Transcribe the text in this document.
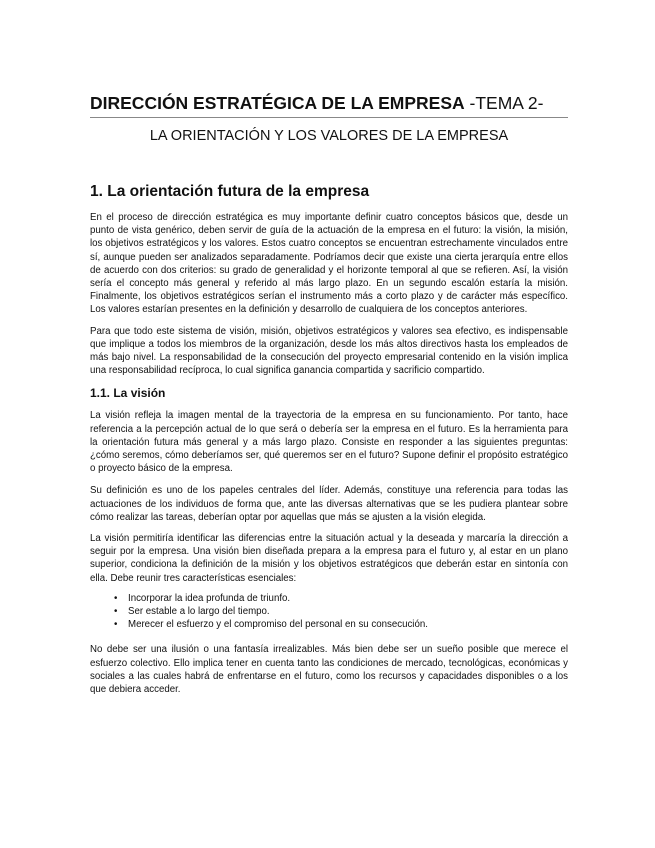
DIRECCIÓN ESTRATÉGICA DE LA EMPRESA -TEMA 2-
LA ORIENTACIÓN Y LOS VALORES DE LA EMPRESA
1. La orientación futura de la empresa

En el proceso de dirección estratégica es muy importante definir cuatro conceptos básicos que, desde un punto de vista genérico, deben servir de guía de la actuación de la empresa en el futuro: la visión, la misión, los objetivos estratégicos y los valores. Estos cuatro conceptos se encuentran estrechamente vinculados entre sí, aunque pueden ser analizados separadamente. Podríamos decir que existe una cierta jerarquía entre ellos de acuerdo con dos criterios: su grado de generalidad y el horizonte temporal al que se refieren. Así, la visión sería el concepto más general y referido al más largo plazo. En un segundo escalón estaría la misión. Finalmente, los objetivos estratégicos serían el instrumento más a corto plazo y de carácter más específico. Los valores estarían presentes en la definición y desarrollo de cualquiera de los conceptos anteriores.

Para que todo este sistema de visión, misión, objetivos estratégicos y valores sea efectivo, es indispensable que implique a todos los miembros de la organización, desde los más altos directivos hasta los empleados de más bajo nivel. La responsabilidad de la consecución del proyecto empresarial contenido en la visión implica una responsabilidad recíproca, lo cual significa ganancia compartida y sacrificio compartido.

1.1. La visión

La visión refleja la imagen mental de la trayectoria de la empresa en su funcionamiento. Por tanto, hace referencia a la percepción actual de lo que será o debería ser la empresa en el futuro. Es la herramienta para la orientación futura más general y a más largo plazo. Consiste en responder a las siguientes preguntas: ¿cómo seremos, cómo deberíamos ser, qué queremos ser en el futuro? Supone definir el propósito estratégico o proyecto básico de la empresa.

Su definición es uno de los papeles centrales del líder. Además, constituye una referencia para todas las actuaciones de los individuos de forma que, ante las diversas alternativas que se les pudiera plantear sobre cómo realizar las tareas, deberían optar por aquellas que más se ajusten a la visión elegida.

La visión permitiría identificar las diferencias entre la situación actual y la deseada y marcaría la dirección a seguir por la empresa. Una visión bien diseñada prepara a la empresa para el futuro y, al estar en un plano superior, condiciona la definición de la misión y los objetivos estratégicos que deberán estar en sintonía con ella. Debe reunir tres características esenciales:

• Incorporar la idea profunda de triunfo.
• Ser estable a lo largo del tiempo.
• Merecer el esfuerzo y el compromiso del personal en su consecución.

No debe ser una ilusión o una fantasía irrealizables. Más bien debe ser un sueño posible que merece el esfuerzo colectivo. Ello implica tener en cuenta tanto las condiciones de mercado, tecnológicas, económicas y sociales a las cuales habrá de enfrentarse en el futuro, como los recursos y capacidades disponibles o a los que debiera acceder.
